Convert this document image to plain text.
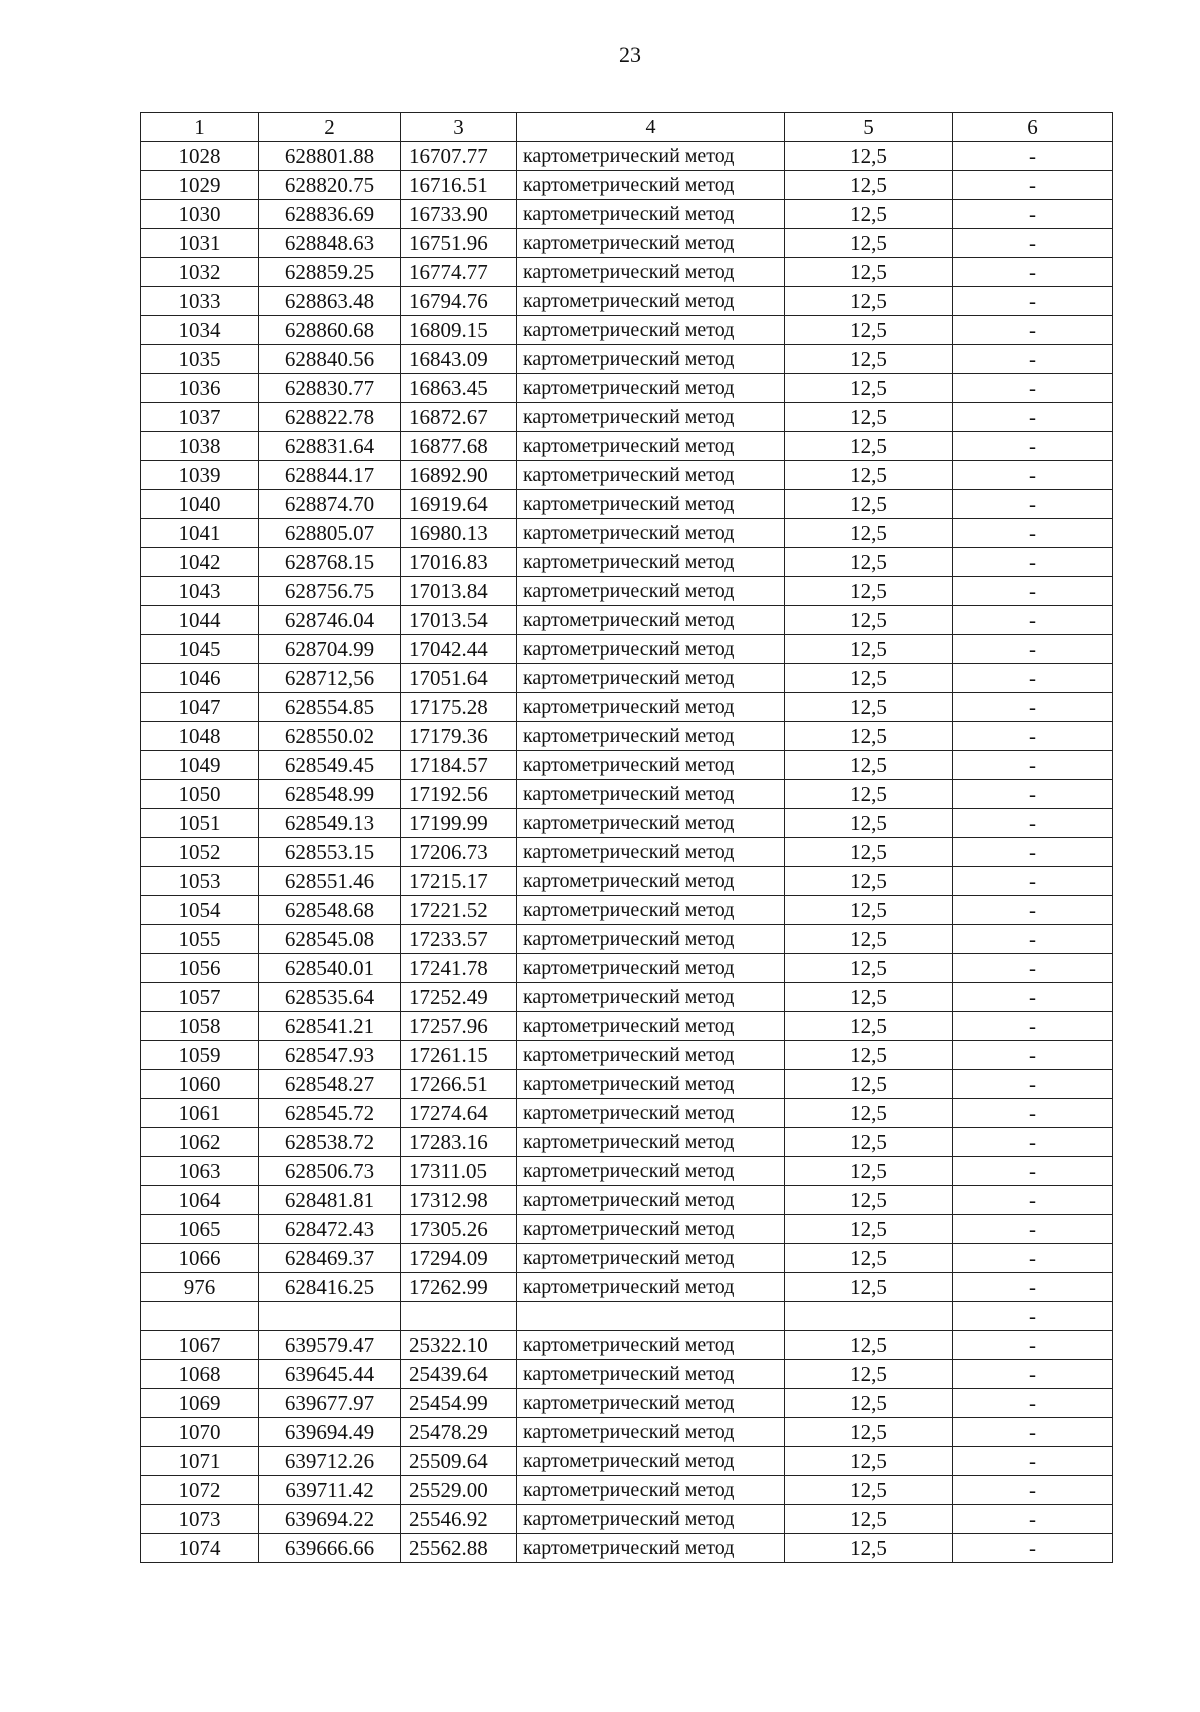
23
1	2	3	4	5	6
1028	628801.88	16707.77	картометрический метод	12,5	-
1029	628820.75	16716.51	картометрический метод	12,5	-
1030	628836.69	16733.90	картометрический метод	12,5	-
1031	628848.63	16751.96	картометрический метод	12,5	-
1032	628859.25	16774.77	картометрический метод	12,5	-
1033	628863.48	16794.76	картометрический метод	12,5	-
1034	628860.68	16809.15	картометрический метод	12,5	-
1035	628840.56	16843.09	картометрический метод	12,5	-
1036	628830.77	16863.45	картометрический метод	12,5	-
1037	628822.78	16872.67	картометрический метод	12,5	-
1038	628831.64	16877.68	картометрический метод	12,5	-
1039	628844.17	16892.90	картометрический метод	12,5	-
1040	628874.70	16919.64	картометрический метод	12,5	-
1041	628805.07	16980.13	картометрический метод	12,5	-
1042	628768.15	17016.83	картометрический метод	12,5	-
1043	628756.75	17013.84	картометрический метод	12,5	-
1044	628746.04	17013.54	картометрический метод	12,5	-
1045	628704.99	17042.44	картометрический метод	12,5	-
1046	628712,56	17051.64	картометрический метод	12,5	-
1047	628554.85	17175.28	картометрический метод	12,5	-
1048	628550.02	17179.36	картометрический метод	12,5	-
1049	628549.45	17184.57	картометрический метод	12,5	-
1050	628548.99	17192.56	картометрический метод	12,5	-
1051	628549.13	17199.99	картометрический метод	12,5	-
1052	628553.15	17206.73	картометрический метод	12,5	-
1053	628551.46	17215.17	картометрический метод	12,5	-
1054	628548.68	17221.52	картометрический метод	12,5	-
1055	628545.08	17233.57	картометрический метод	12,5	-
1056	628540.01	17241.78	картометрический метод	12,5	-
1057	628535.64	17252.49	картометрический метод	12,5	-
1058	628541.21	17257.96	картометрический метод	12,5	-
1059	628547.93	17261.15	картометрический метод	12,5	-
1060	628548.27	17266.51	картометрический метод	12,5	-
1061	628545.72	17274.64	картометрический метод	12,5	-
1062	628538.72	17283.16	картометрический метод	12,5	-
1063	628506.73	17311.05	картометрический метод	12,5	-
1064	628481.81	17312.98	картометрический метод	12,5	-
1065	628472.43	17305.26	картометрический метод	12,5	-
1066	628469.37	17294.09	картометрический метод	12,5	-
976	628416.25	17262.99	картометрический метод	12,5	-
					-
1067	639579.47	25322.10	картометрический метод	12,5	-
1068	639645.44	25439.64	картометрический метод	12,5	-
1069	639677.97	25454.99	картометрический метод	12,5	-
1070	639694.49	25478.29	картометрический метод	12,5	-
1071	639712.26	25509.64	картометрический метод	12,5	-
1072	639711.42	25529.00	картометрический метод	12,5	-
1073	639694.22	25546.92	картометрический метод	12,5	-
1074	639666.66	25562.88	картометрический метод	12,5	-
